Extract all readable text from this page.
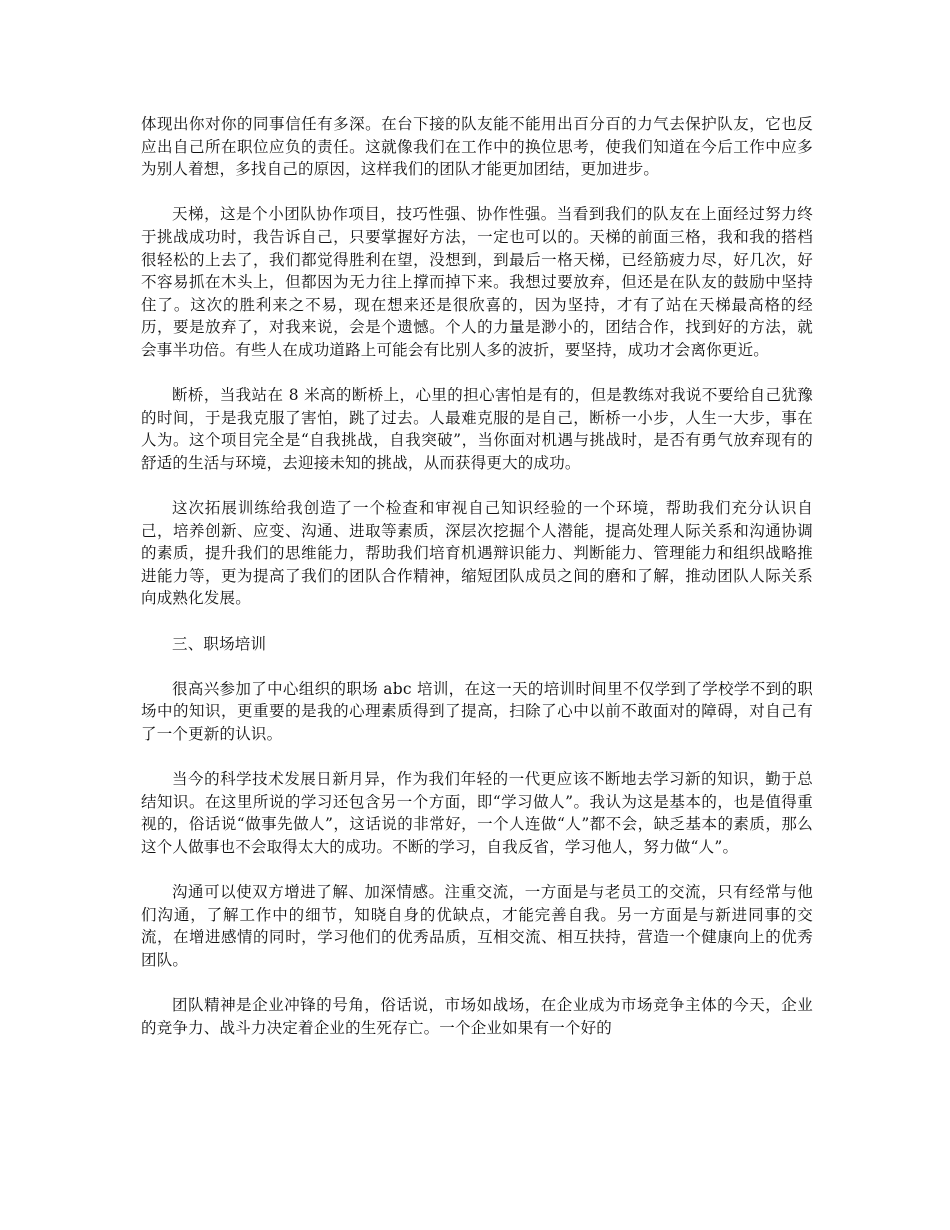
体现出你对你的同事信任有多深。在台下接的队友能不能用出百分百的力气去保护队友，它也反应出自己所在职位应负的责任。这就像我们在工作中的换位思考，使我们知道在今后工作中应多为别人着想，多找自己的原因，这样我们的团队才能更加团结，更加进步。

天梯，这是个小团队协作项目，技巧性强、协作性强。当看到我们的队友在上面经过努力终于挑战成功时，我告诉自己，只要掌握好方法，一定也可以的。天梯的前面三格，我和我的搭档很轻松的上去了，我们都觉得胜利在望，没想到，到最后一格天梯，已经筋疲力尽，好几次，好不容易抓在木头上，但都因为无力往上撑而掉下来。我想过要放弃，但还是在队友的鼓励中坚持住了。这次的胜利来之不易，现在想来还是很欣喜的，因为坚持，才有了站在天梯最高格的经历，要是放弃了，对我来说，会是个遗憾。个人的力量是渺小的，团结合作，找到好的方法，就会事半功倍。有些人在成功道路上可能会有比别人多的波折，要坚持，成功才会离你更近。

断桥，当我站在 8 米高的断桥上，心里的担心害怕是有的，但是教练对我说不要给自己犹豫的时间，于是我克服了害怕，跳了过去。人最难克服的是自己，断桥一小步，人生一大步，事在人为。这个项目完全是“自我挑战，自我突破”，当你面对机遇与挑战时，是否有勇气放弃现有的舒适的生活与环境，去迎接未知的挑战，从而获得更大的成功。

这次拓展训练给我创造了一个检查和审视自己知识经验的一个环境，帮助我们充分认识自己，培养创新、应变、沟通、进取等素质，深层次挖掘个人潜能，提高处理人际关系和沟通协调的素质，提升我们的思维能力，帮助我们培育机遇辩识能力、判断能力、管理能力和组织战略推进能力等，更为提高了我们的团队合作精神，缩短团队成员之间的磨和了解，推动团队人际关系向成熟化发展。

三、职场培训

很高兴参加了中心组织的职场 abc 培训，在这一天的培训时间里不仅学到了学校学不到的职场中的知识，更重要的是我的心理素质得到了提高，扫除了心中以前不敢面对的障碍，对自己有了一个更新的认识。

当今的科学技术发展日新月异，作为我们年轻的一代更应该不断地去学习新的知识，勤于总结知识。在这里所说的学习还包含另一个方面，即“学习做人”。我认为这是基本的，也是值得重视的，俗话说“做事先做人”，这话说的非常好，一个人连做“人”都不会，缺乏基本的素质，那么这个人做事也不会取得太大的成功。不断的学习，自我反省，学习他人，努力做“人”。

沟通可以使双方增进了解、加深情感。注重交流，一方面是与老员工的交流，只有经常与他们沟通，了解工作中的细节，知晓自身的优缺点，才能完善自我。另一方面是与新进同事的交流，在增进感情的同时，学习他们的优秀品质，互相交流、相互扶持，营造一个健康向上的优秀团队。

团队精神是企业冲锋的号角，俗话说，市场如战场，在企业成为市场竞争主体的今天，企业的竞争力、战斗力决定着企业的生死存亡。一个企业如果有一个好的
